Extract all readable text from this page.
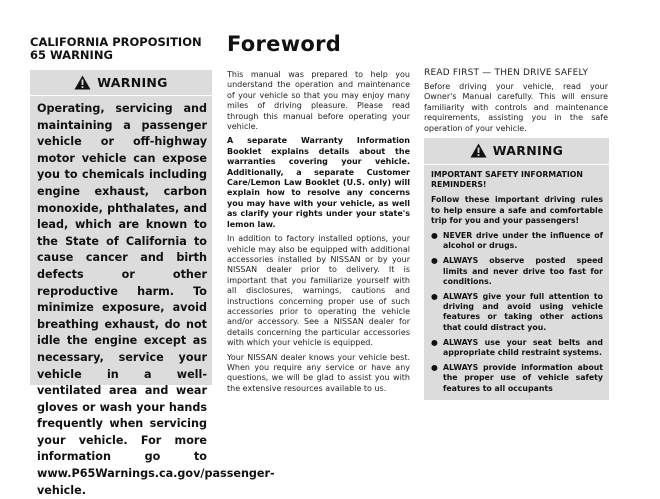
CALIFORNIA PROPOSITION
65 WARNING
WARNING
Operating, servicing and maintaining a passenger vehicle or off-highway motor vehicle can expose you to chemicals including engine exhaust, carbon monoxide, phthalates, and lead, which are known to the State of California to cause cancer and birth defects or other reproductive harm. To minimize exposure, avoid breathing exhaust, do not idle the engine except as necessary, service your vehicle in a well-ventilated area and wear gloves or wash your hands frequently when servicing your vehicle. For more information go to www.P65Warnings.ca.gov/passenger-vehicle.
Foreword

This manual was prepared to help you understand the operation and maintenance of your vehicle so that you may enjoy many miles of driving pleasure. Please read through this manual before operating your vehicle.

A separate Warranty Information Booklet explains details about the warranties covering your vehicle. Additionally, a separate Customer Care/Lemon Law Booklet (U.S. only) will explain how to resolve any concerns you may have with your vehicle, as well as clarify your rights under your state's lemon law.

In addition to factory installed options, your vehicle may also be equipped with additional accessories installed by NISSAN or by your NISSAN dealer prior to delivery. It is important that you familiarize yourself with all disclosures, warnings, cautions and instructions concerning proper use of such accessories prior to operating the vehicle and/or accessory. See a NISSAN dealer for details concerning the particular accessories with which your vehicle is equipped.

Your NISSAN dealer knows your vehicle best. When you require any service or have any questions, we will be glad to assist you with the extensive resources available to us.

READ FIRST — THEN DRIVE SAFELY
Before driving your vehicle, read your Owner's Manual carefully. This will ensure familiarity with controls and maintenance requirements, assisting you in the safe operation of your vehicle.
WARNING

IMPORTANT SAFETY INFORMATION REMINDERS!

Follow these important driving rules to help ensure a safe and comfortable trip for you and your passengers!

● NEVER drive under the influence of alcohol or drugs.
● ALWAYS observe posted speed limits and never drive too fast for conditions.
● ALWAYS give your full attention to driving and avoid using vehicle features or taking other actions that could distract you.
● ALWAYS use your seat belts and appropriate child restraint systems.
● ALWAYS provide information about the proper use of vehicle safety features to all occupants
